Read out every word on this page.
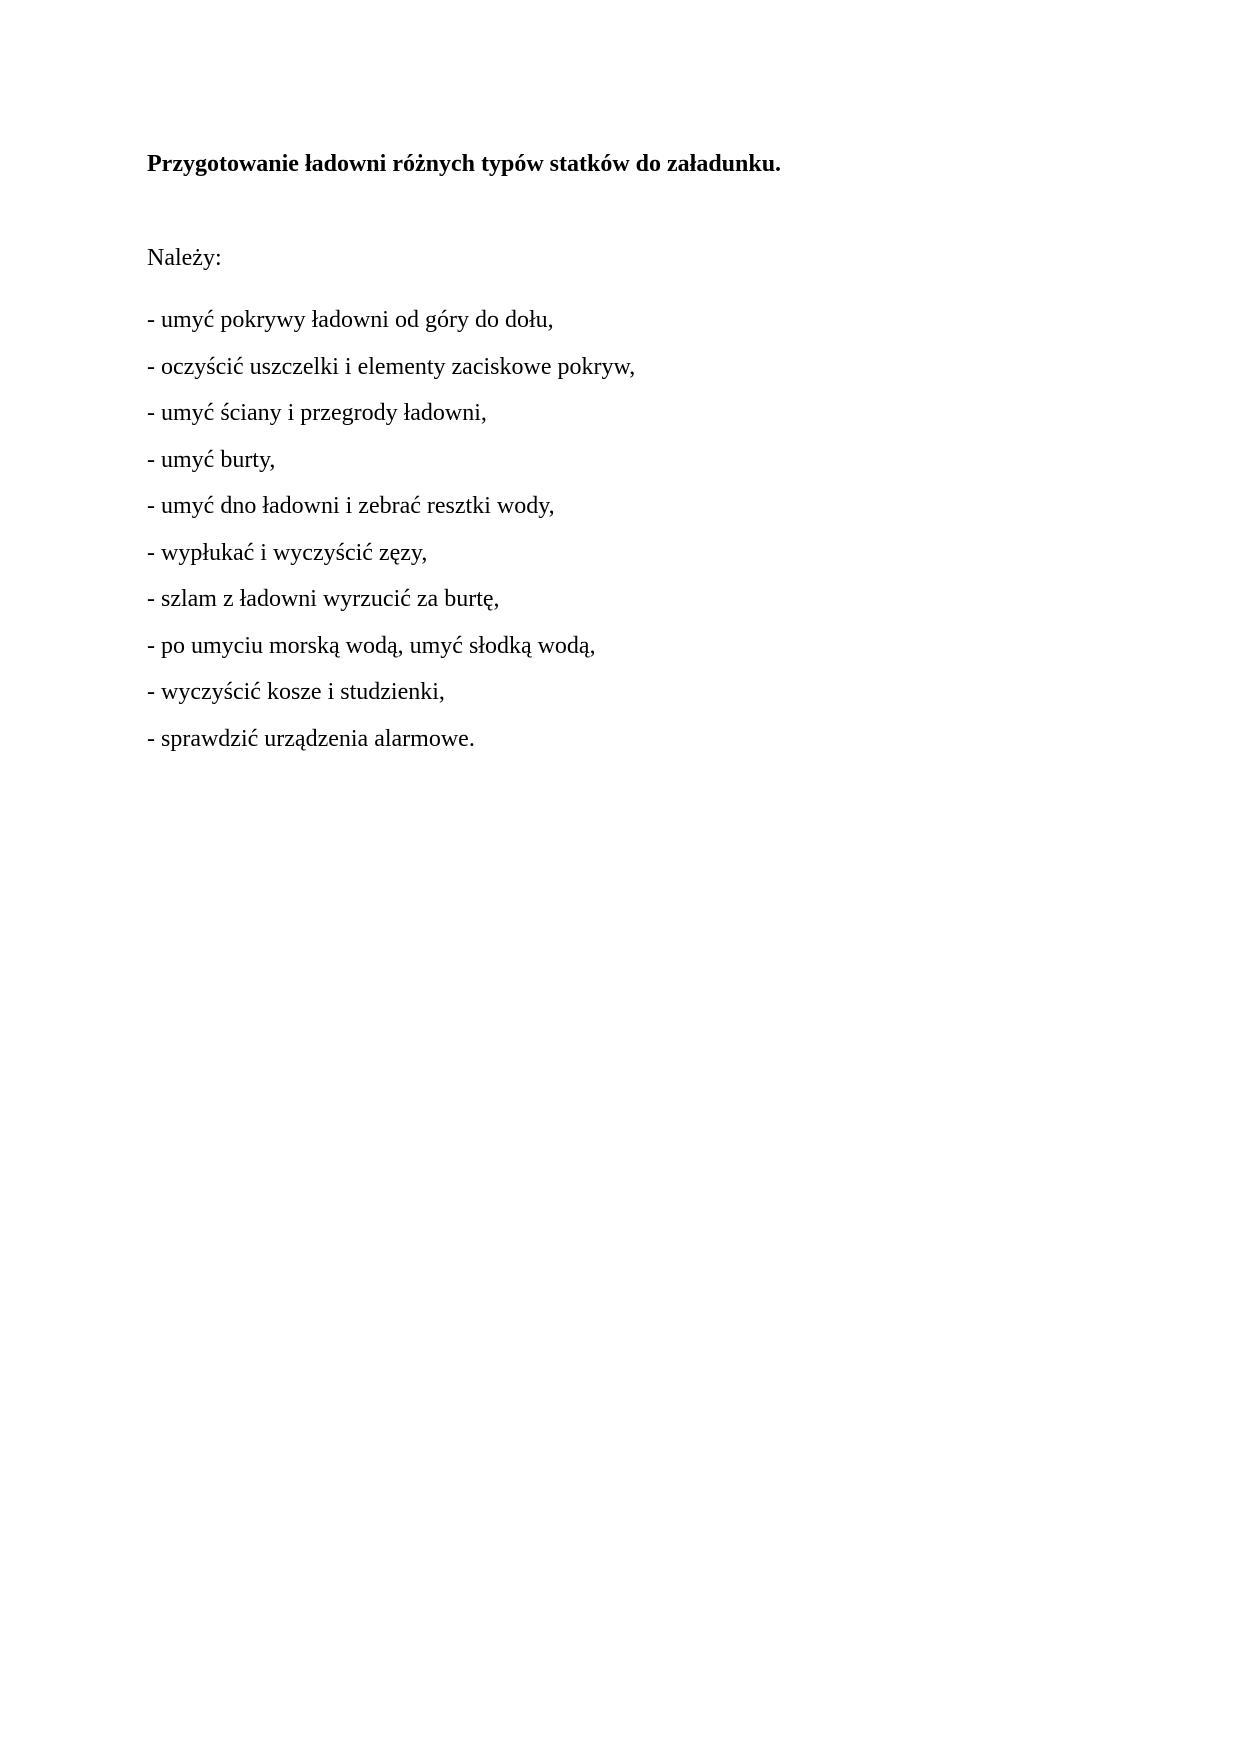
Przygotowanie ładowni różnych typów statków do załadunku.

Należy:

- umyć pokrywy ładowni od góry do dołu,
- oczyścić uszczelki i elementy zaciskowe pokryw,
- umyć ściany i przegrody ładowni,
- umyć burty,
- umyć dno ładowni i zebrać resztki wody,
- wypłukać i wyczyścić zęzy,
- szlam z ładowni wyrzucić za burtę,
- po umyciu morską wodą, umyć słodką wodą,
- wyczyścić kosze i studzienki,
- sprawdzić urządzenia alarmowe.
